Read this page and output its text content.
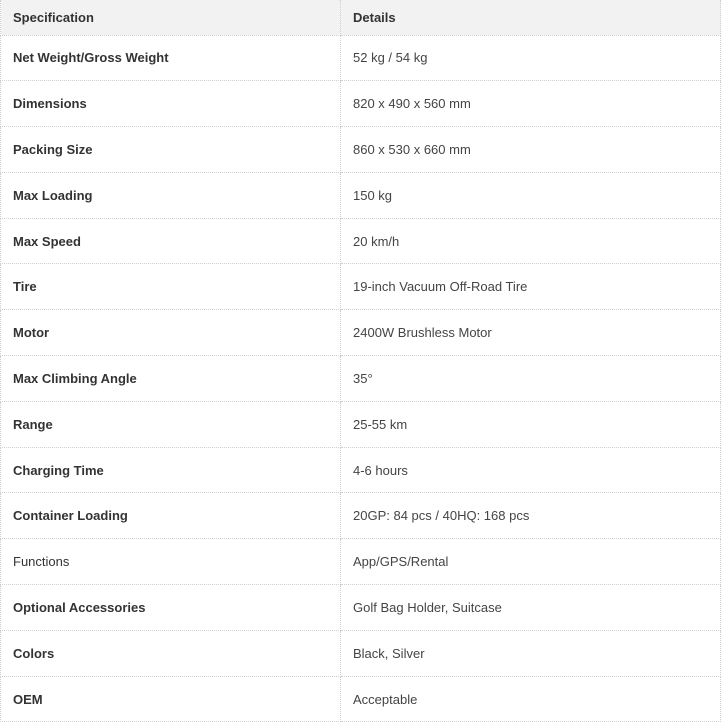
Specification	Details
Net Weight/Gross Weight	52 kg / 54 kg
Dimensions	820 x 490 x 560 mm
Packing Size	860 x 530 x 660 mm
Max Loading	150 kg
Max Speed	20 km/h
Tire	19-inch Vacuum Off-Road Tire
Motor	2400W Brushless Motor
Max Climbing Angle	35°
Range	25-55 km
Charging Time	4-6 hours
Container Loading	20GP: 84 pcs / 40HQ: 168 pcs
Functions	App/GPS/Rental
Optional Accessories	Golf Bag Holder, Suitcase
Colors	Black, Silver
OEM	Acceptable
